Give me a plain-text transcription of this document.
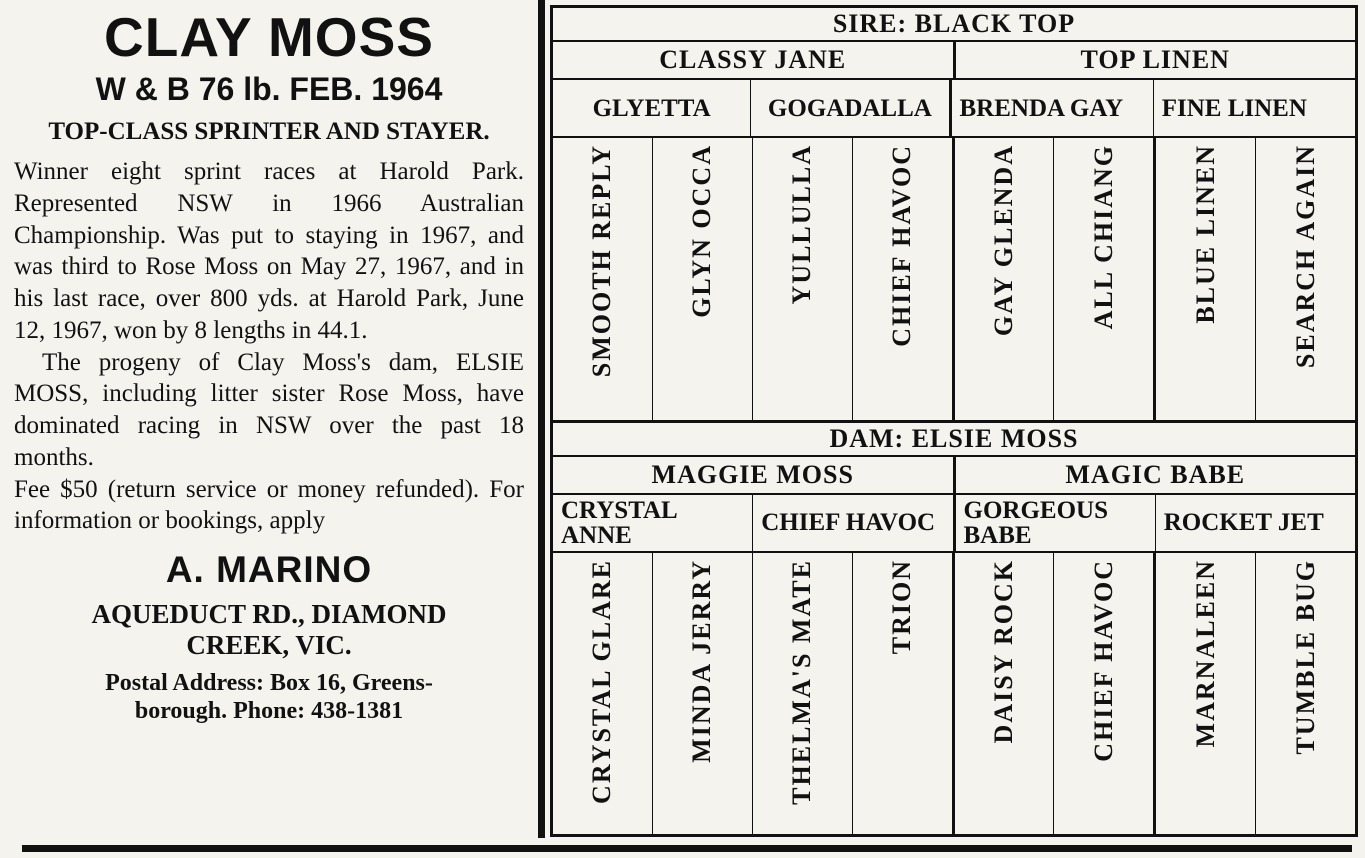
CLAY MOSS
W & B 76 lb. FEB. 1964
TOP-CLASS SPRINTER AND STAYER.

Winner eight sprint races at Harold Park. Represented NSW in 1966 Australian Championship. Was put to staying in 1967, and was third to Rose Moss on May 27, 1967, and in his last race, over 800 yds. at Harold Park, June 12, 1967, won by 8 lengths in 44.1.

The progeny of Clay Moss's dam, ELSIE MOSS, including litter sister Rose Moss, have dominated racing in NSW over the past 18 months.

Fee $50 (return service or money refunded). For information or bookings, apply

A. MARINO
AQUEDUCT RD., DIAMOND
CREEK, VIC.
Postal Address: Box 16, Greens-
borough. Phone: 438-1381
SIRE: BLACK TOP
CLASSY JANE	TOP LINEN
GLYETTA	GOGADALLA	BRENDA GAY	FINE LINEN
SMOOTH REPLY	GLYN OCCA	YULLULLA	CHIEF HAVOC	GAY GLENDA	ALL CHIANG	BLUE LINEN	SEARCH AGAIN
DAM: ELSIE MOSS
MAGGIE MOSS	MAGIC BABE
CRYSTAL ANNE	CHIEF HAVOC	GORGEOUS BABE	ROCKET JET
CRYSTAL GLARE	MINDA JERRY	THELMA'S MATE	TRION	DAISY ROCK	CHIEF HAVOC	MARNALEEN	TUMBLE BUG
